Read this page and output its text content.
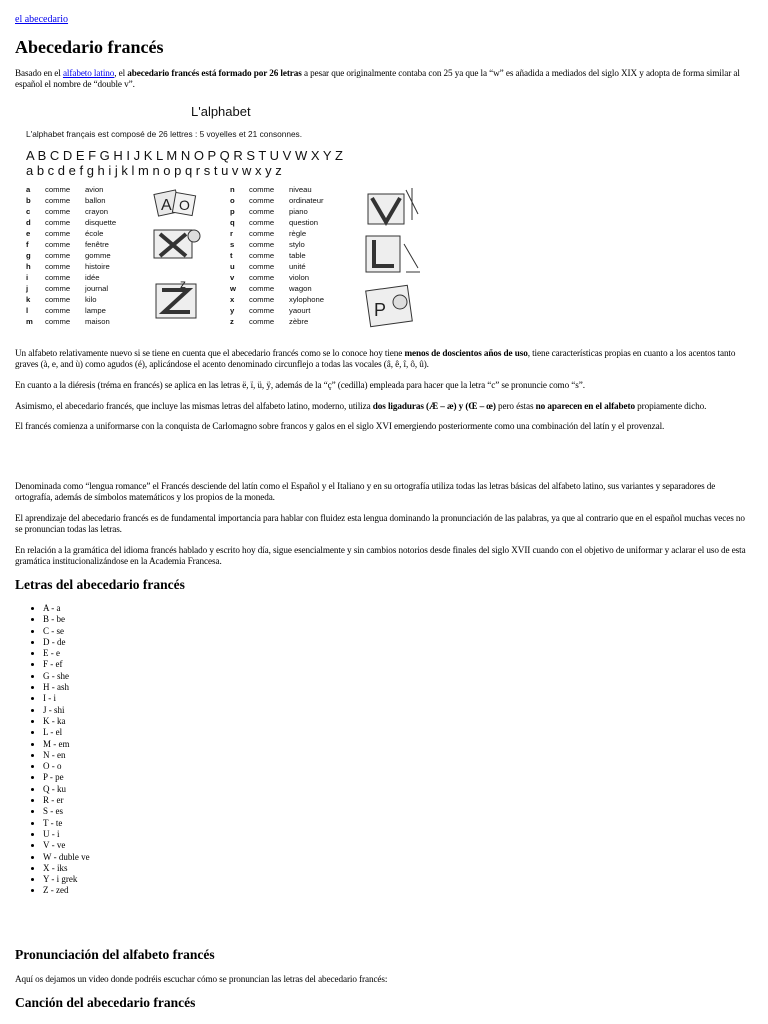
el abecedario
Abecedario francés

Basado en el alfabeto latino, el abecedario francés está formado por 26 letras a pesar que originalmente contaba con 25 ya que la “w” es añadida a mediados del siglo XIX y adopta de forma similar al español el nombre de “double v”.

L'alphabet
L'alphabet français est composé de 26 lettres : 5 voyelles et 21 consonnes.
A B C D E F G H I J K L M N O P Q R S T U V W X Y Z
a b c d e f g h i j k l m n o p q r s t u v w x y z
a comme avion
b comme ballon
c comme crayon
d comme disquette
e comme école
f comme fenêtre
g comme gomme
h comme histoire
i comme idée
j comme journal
k comme kilo
l comme lampe
m comme maison
n comme niveau
o comme ordinateur
p comme piano
q comme question
r comme règle
s comme stylo
t comme table
u comme unité
v comme violon
w comme wagon
x comme xylophone
y comme yaourt
z comme zèbre
A O
z
P

Un alfabeto relativamente nuevo si se tiene en cuenta que el abecedario francés como se lo conoce hoy tiene menos de doscientos años de uso, tiene características propias en cuanto a los acentos tanto graves (à, e, and ù) como agudos (é), aplicándose el acento denominado circunflejo a todas las vocales (â, ê, î, ô, û).

En cuanto a la diéresis (tréma en francés) se aplica en las letras ë, ï, ü, ÿ, además de la “ç” (cedilla) empleada para hacer que la letra “c” se pronuncie como “s”.

Asimismo, el abecedario francés, que incluye las mismas letras del alfabeto latino, moderno, utiliza dos ligaduras (Æ – æ) y (Œ – œ) pero éstas no aparecen en el alfabeto propiamente dicho.

El francés comienza a uniformarse con la conquista de Carlomagno sobre francos y galos en el siglo XVI emergiendo posteriormente como una combinación del latín y el provenzal.

Denominada como “lengua romance” el Francés desciende del latín como el Español y el Italiano y en su ortografía utiliza todas las letras básicas del alfabeto latino, sus variantes y separadores de ortografía, además de símbolos matemáticos y los propios de la moneda.

El aprendizaje del abecedario francés es de fundamental importancia para hablar con fluidez esta lengua dominando la pronunciación de las palabras, ya que al contrario que en el español muchas veces no se pronuncian todas las letras.

En relación a la gramática del idioma francés hablado y escrito hoy día, sigue esencialmente y sin cambios notorios desde finales del siglo XVII cuando con el objetivo de uniformar y aclarar el uso de esta gramática institucionalizándose en la Academia Francesa.

Letras del abecedario francés
• A - a
• B - be
• C - se
• D - de
• E - e
• F - ef
• G - she
• H - ash
• I - i
• J - shi
• K - ka
• L - el
• M - em
• N - en
• O - o
• P - pe
• Q - ku
• R - er
• S - es
• T - te
• U - i
• V - ve
• W - duble ve
• X - iks
• Y - i grek
• Z - zed
Pronunciación del alfabeto francés

Aquí os dejamos un video donde podréis escuchar cómo se pronuncian las letras del abecedario francés:

Canción del abecedario francés
